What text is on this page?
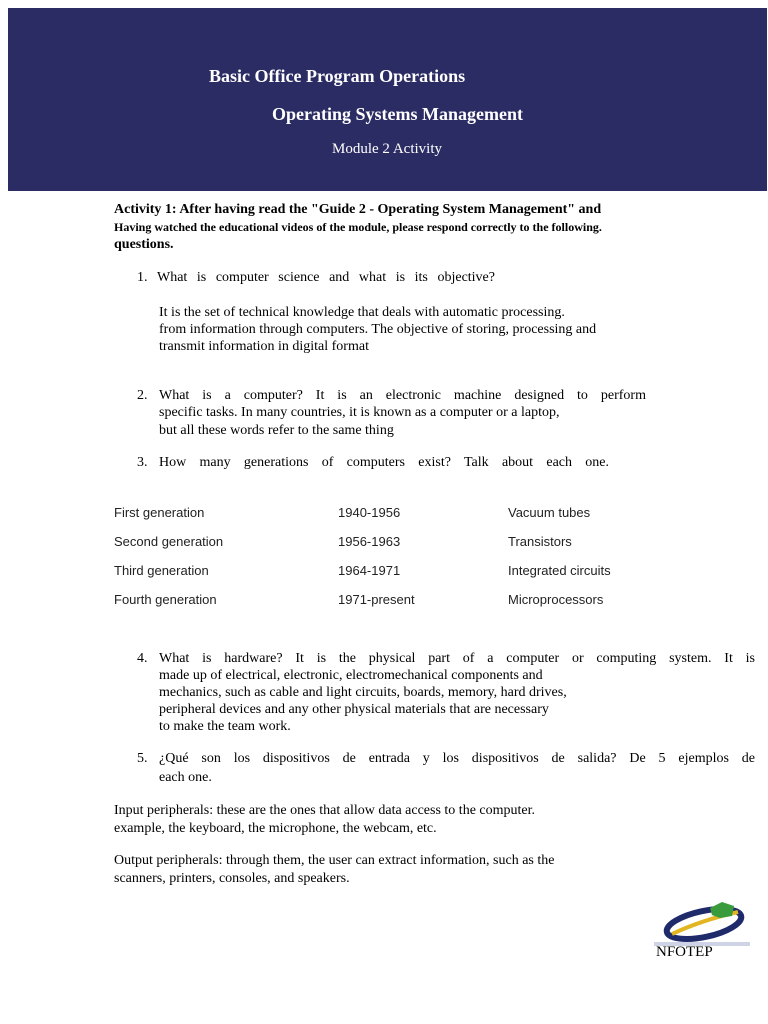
Basic Office Program Operations
Operating Systems Management
Module 2 Activity
Activity 1: After having read the "Guide 2 - Operating System Management" and
Having watched the educational videos of the module, please respond correctly to the following.
questions.
1. What is computer science and what is its objective?
It is the set of technical knowledge that deals with automatic processing.
from information through computers. The objective of storing, processing and
transmit information in digital format
2. What is a computer? It is an electronic machine designed to perform
specific tasks. In many countries, it is known as a computer or a laptop,
but all these words refer to the same thing
3. How many generations of computers exist? Talk about each one.
First generation	1940-1956	Vacuum tubes
Second generation	1956-1963	Transistors
Third generation	1964-1971	Integrated circuits
Fourth generation	1971-present	Microprocessors
4. What is hardware? It is the physical part of a computer or computing system. It is
made up of electrical, electronic, electromechanical components and
mechanics, such as cable and light circuits, boards, memory, hard drives,
peripheral devices and any other physical materials that are necessary
to make the team work.
5. ¿Qué son los dispositivos de entrada y los dispositivos de salida? De 5 ejemplos de
each one.
Input peripherals: these are the ones that allow data access to the computer.
example, the keyboard, the microphone, the webcam, etc.
Output peripherals: through them, the user can extract information, such as the
scanners, printers, consoles, and speakers.
NFOTEP
